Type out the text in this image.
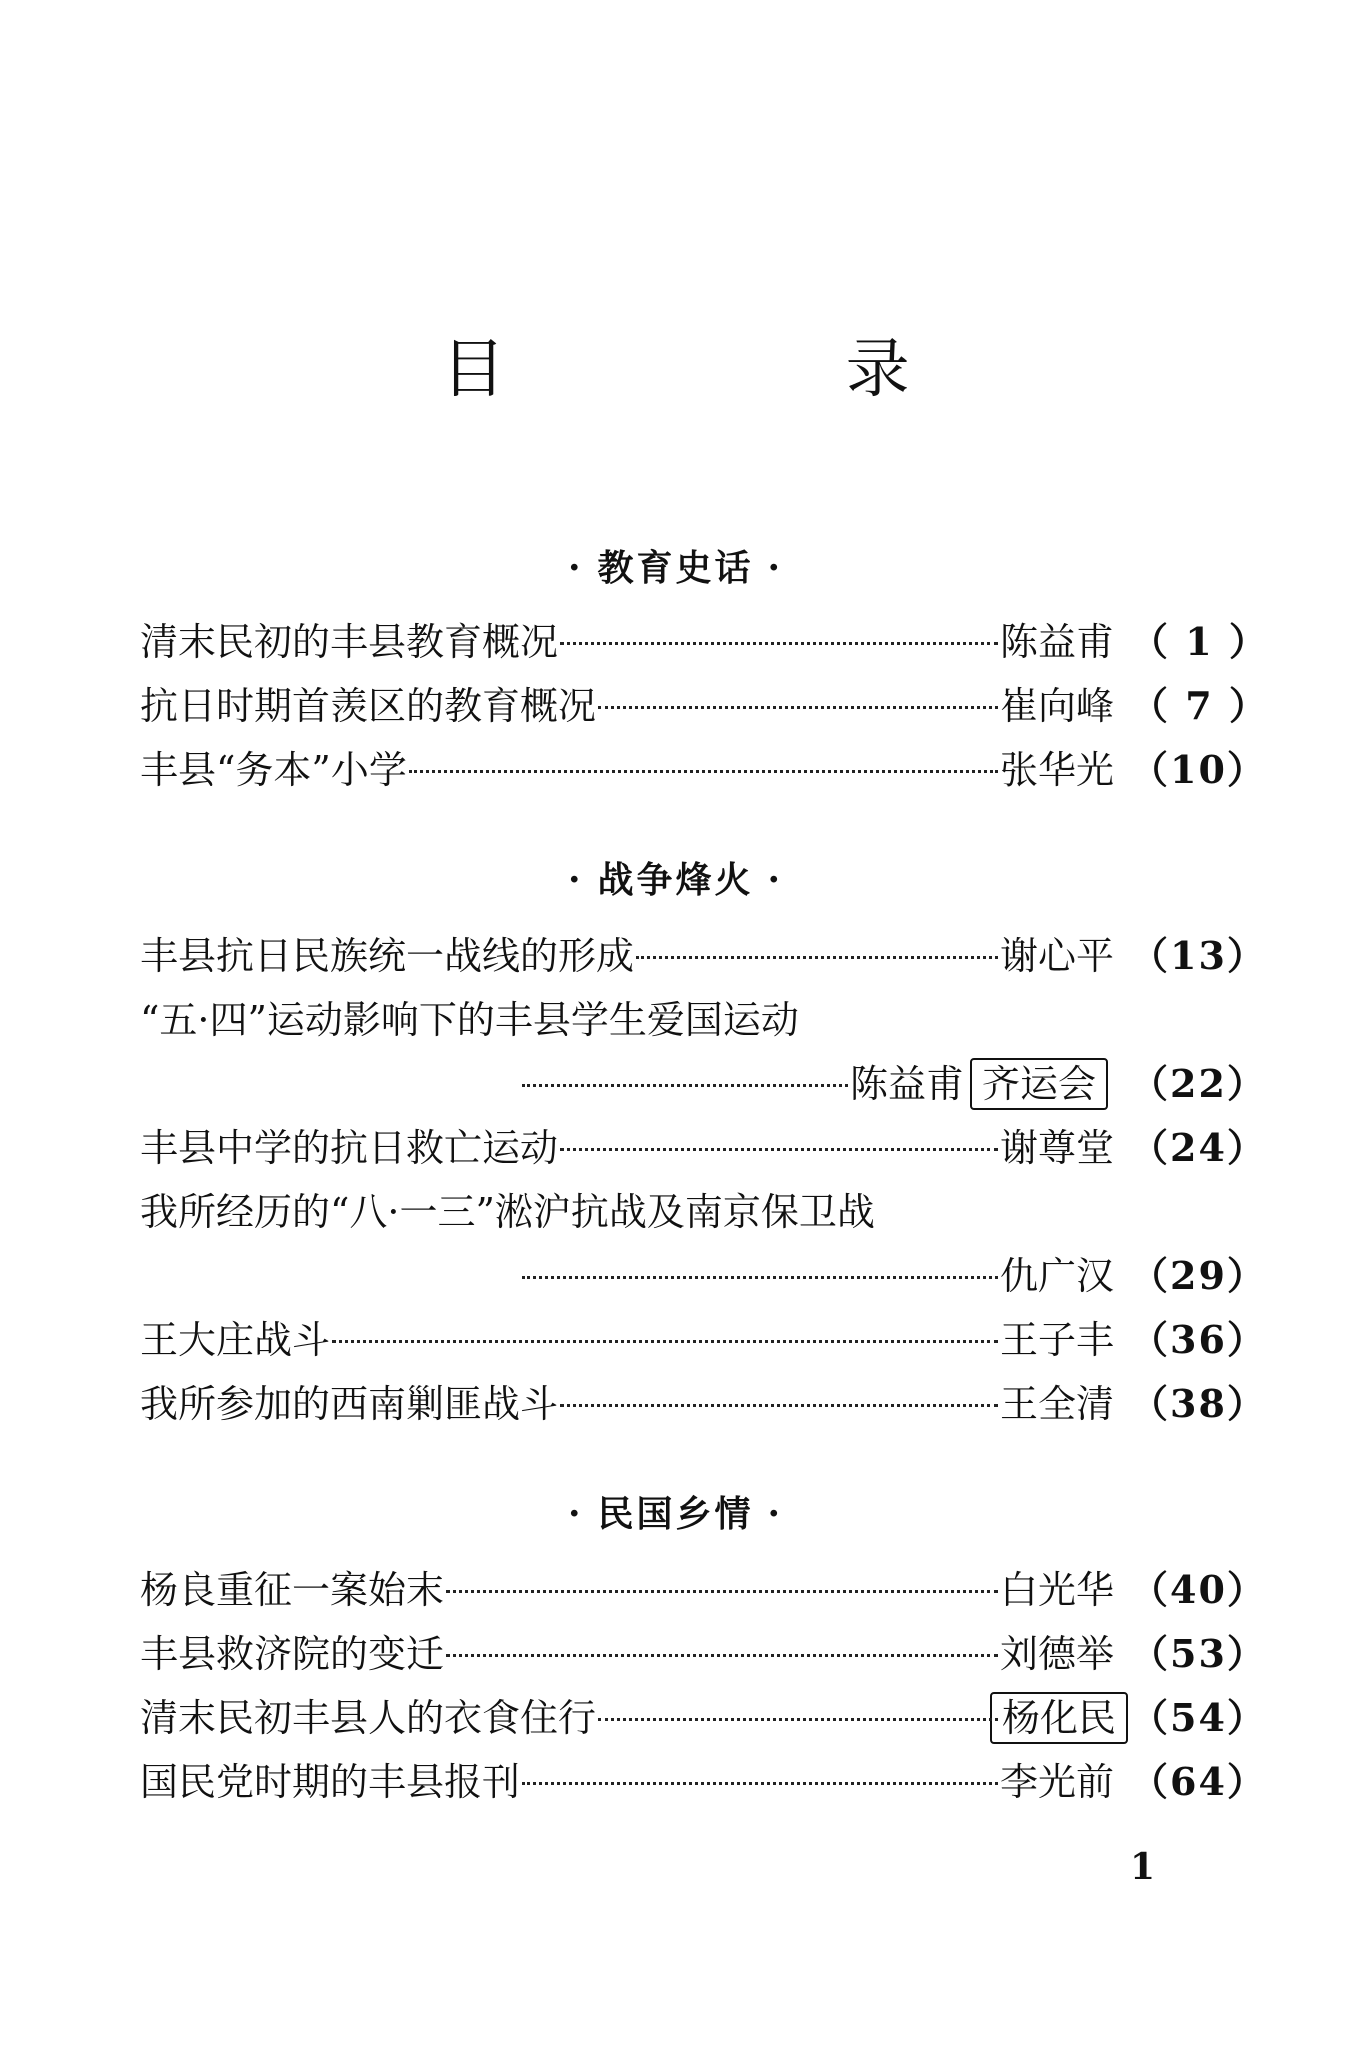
目 录
· 教育史话 ·
清末民初的丰县教育概况	陈益甫 （ 1 ）
抗日时期首羡区的教育概况	崔向峰 （ 7 ）
丰县“务本”小学	张华光 （10）
· 战争烽火 ·
丰县抗日民族统一战线的形成	谢心平 （13）
“五·四”运动影响下的丰县学生爱国运动
陈益甫 齐运会 （22）
丰县中学的抗日救亡运动	谢尊堂 （24）
我所经历的“八·一三”淞沪抗战及南京保卫战
仇广汉 （29）
王大庄战斗	王子丰 （36）
我所参加的西南剿匪战斗	王全清 （38）
· 民国乡情 ·
杨良重征一案始末	白光华 （40）
丰县救济院的变迁	刘德举 （53）
清末民初丰县人的衣食住行	杨化民 （54）
国民党时期的丰县报刊	李光前 （64）
1
